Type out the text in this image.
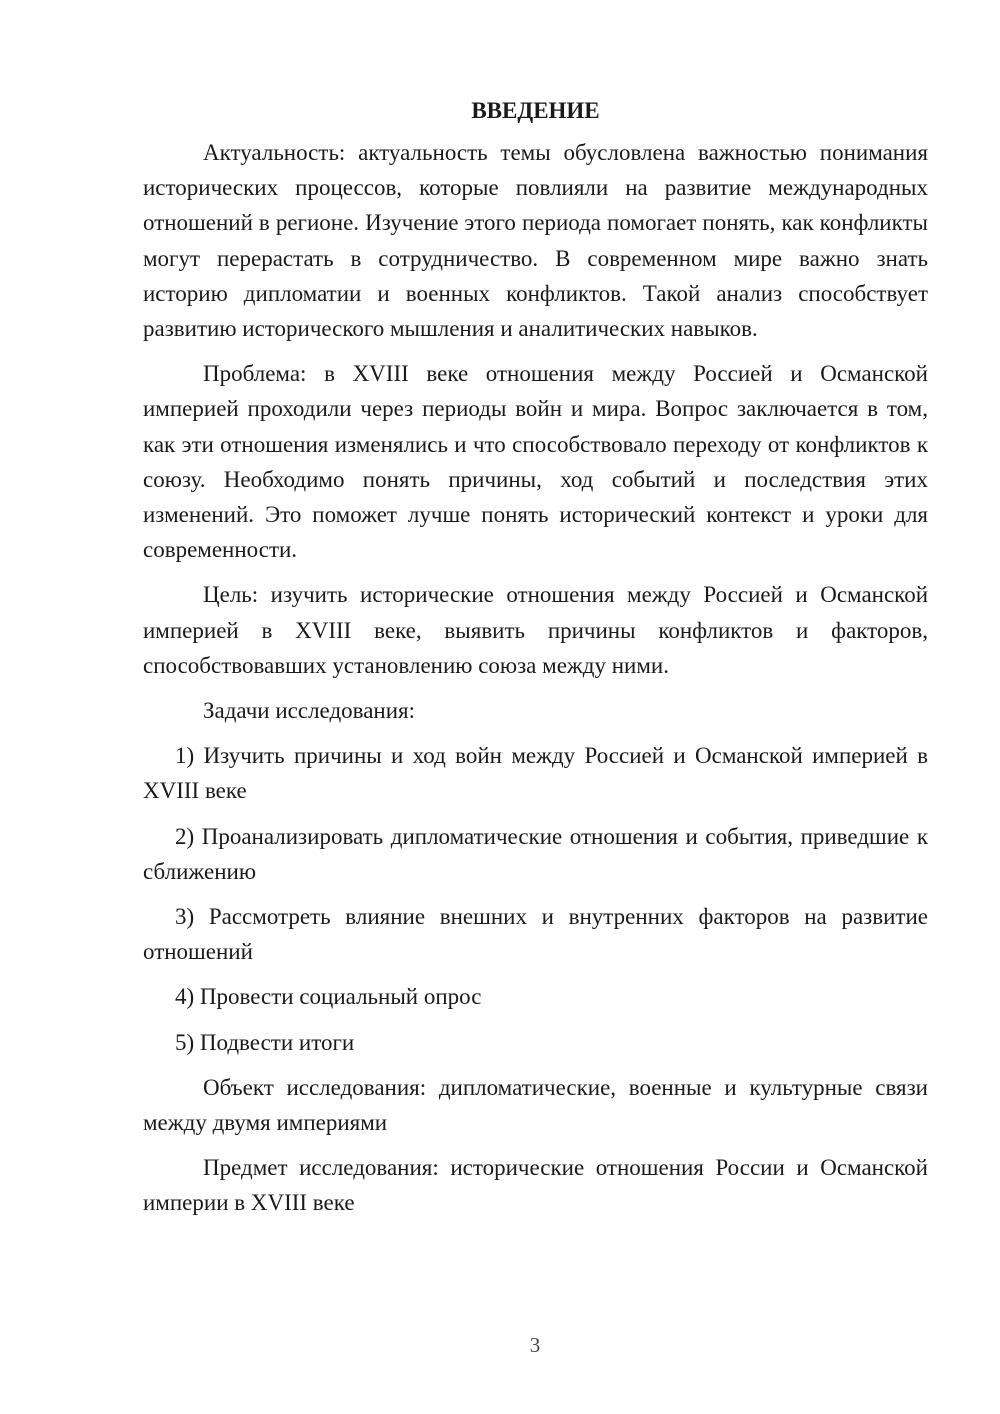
ВВЕДЕНИЕ

Актуальность: актуальность темы обусловлена важностью понимания исторических процессов, которые повлияли на развитие международных отношений в регионе. Изучение этого периода помогает понять, как конфликты могут перерастать в сотрудничество. В современном мире важно знать историю дипломатии и военных конфликтов. Такой анализ способствует развитию исторического мышления и аналитических навыков.

Проблема: в XVIII веке отношения между Россией и Османской империей проходили через периоды войн и мира. Вопрос заключается в том, как эти отношения изменялись и что способствовало переходу от конфликтов к союзу. Необходимо понять причины, ход событий и последствия этих изменений. Это поможет лучше понять исторический контекст и уроки для современности.

Цель: изучить исторические отношения между Россией и Османской империей в XVIII веке, выявить причины конфликтов и факторов, способствовавших установлению союза между ними.

Задачи исследования:

1) Изучить причины и ход войн между Россией и Османской империей в XVIII веке

2) Проанализировать дипломатические отношения и события, приведшие к сближению

3) Рассмотреть влияние внешних и внутренних факторов на развитие отношений

4) Провести социальный опрос

5) Подвести итоги

Объект исследования: дипломатические, военные и культурные связи между двумя империями

Предмет исследования: исторические отношения России и Османской империи в XVIII веке

3
